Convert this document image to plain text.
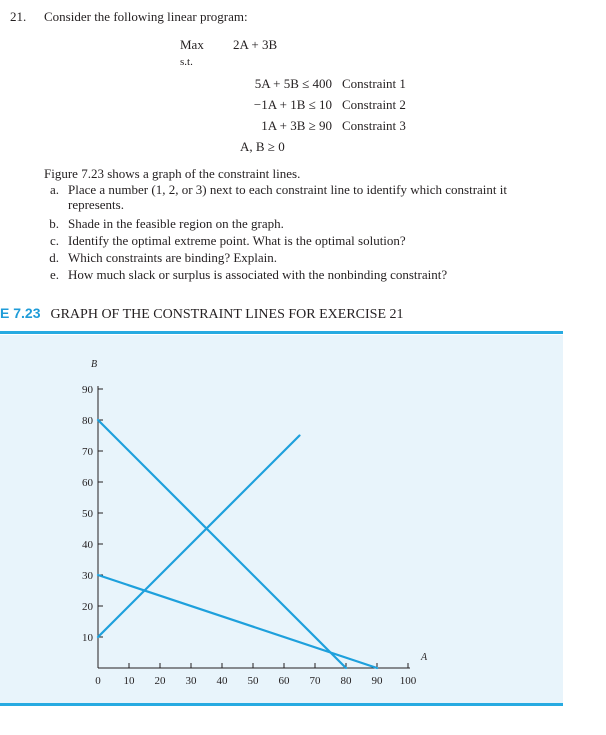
21. Consider the following linear program:
Max 2A + 3B
s.t.
5A + 5B ≤ 400 Constraint 1
−1A + 1B ≤ 10 Constraint 2
1A + 3B ≥ 90 Constraint 3
A, B ≥ 0
Figure 7.23 shows a graph of the constraint lines.
a. Place a number (1, 2, or 3) next to each constraint line to identify which constraint it
represents.
b. Shade in the feasible region on the graph.
c. Identify the optimal extreme point. What is the optimal solution?
d. Which constraints are binding? Explain.
e. How much slack or surplus is associated with the nonbinding constraint?
E 7.23 GRAPH OF THE CONSTRAINT LINES FOR EXERCISE 21
0 10 20 30 40 50 60 70 80 90 100
10
20
30
40
50
60
70
80
90
B
A
